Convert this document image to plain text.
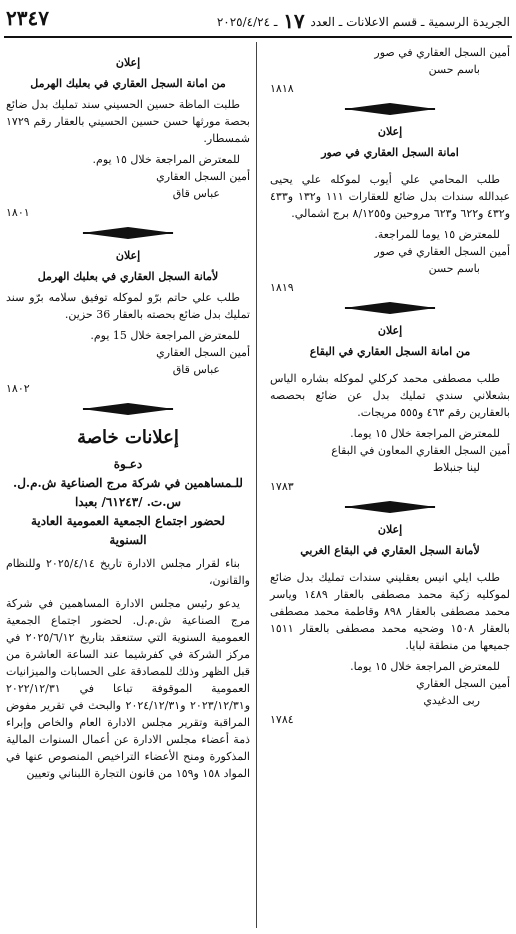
٢٣٤٧	الجريدة الرسمية ـ قسم الاعلانات ـ العدد ١٧ ـ ٢٠٢٥/٤/٢٤

أمين السجل العقاري في صور

باسم حسن

١٨١٨

إعلان
امانة السجل العقاري في صور

طلب المحامي علي أيوب لموكله علي يحيى عبدالله سندات بدل ضائع للعقارات ١١١ و١٣٢ و٤٣٣ و٤٣٢ و٦٢٢ و٦٢٣ مروحين و٨/١٢٥٥ برج اشمالي.

للمعترض ١٥ يوما للمراجعة.

أمين السجل العقاري في صور

باسم حسن

١٨١٩

إعلان
من امانة السجل العقاري في البقاع

طلب مصطفى محمد كركلي لموكله بشاره الياس بشعلاني سندي تمليك بدل عن ضائع بحصصه بالعقارين رقم ٤٦٣ و٥٥٥ مريجات.

للمعترض المراجعة خلال ١٥ يوما.

أمين السجل العقاري المعاون في البقاع

لينا جنبلاط

١٧٨٣

إعلان
لأمانة السجل العقاري في البقاع الغربي

طلب ايلي انيس بعقليني سندات تمليك بدل ضائع لموكليه زكية محمد مصطفى بالعقار ١٤٨٩ وياسر محمد مصطفى بالعقار ٨٩٨ وقاطمة محمد مصطفى بالعقار ١٥٠٨ وضحيه محمد مصطفى بالعقار ١٥١١ جميعها من منطقة لبايا.

للمعترض المراجعة خلال ١٥ يوما.

أمين السجل العقاري

ربى الدغيدي

١٧٨٤

إعلان
من امانة السجل العقاري في بعلبك الهرمل

طلبت الماظة حسين الحسيني سند تمليك بدل ضائع بحصة مورثها حسن حسين الحسيني بالعقار رقم ١٧٢٩ شمسطار.

للمعترض المراجعة خلال ١٥ يوم.

أمين السجل العقاري

عباس قاق

١٨٠١

إعلان
لأمانة السجل العقاري في بعلبك الهرمل

طلب علي حاتم برّو لموكله توفيق سلامه برّو سند تمليك بدل ضائع بحصته بالعقار 36 حزين.

للمعترض المراجعة خلال 15 يوم.

أمين السجل العقاري

عباس قاق

١٨٠٢

إعلانات خاصة
دعـوة
للـمساهمين في شركة مرج الصناعية ش.م.ل.
س.ت. /٦١٢٤٣/ بعبدا
لحضور اجتماع الجمعية العمومية العادية
السنوية

بناء لقرار مجلس الادارة تاريخ ٢٠٢٥/٤/١٤ وللنظام والقانون،

يدعو رئيس مجلس الادارة المساهمين في شركة مرج الصناعية ش.م.ل. لحضور اجتماع الجمعية العمومية السنوية التي ستنعقد بتاريخ ٢٠٢٥/٦/١٢ في مركز الشركة في كفرشيما عند الساعة العاشرة من قبل الظهر وذلك للمصادقة على الحسابات والميزانيات العمومية الموقوفة تباعا في ٢٠٢٢/١٢/٣١ و٢٠٢٣/١٢/٣١ و٢٠٢٤/١٢/٣١ والبحث في تقرير مفوض المراقبة وتقرير مجلس الادارة العام والخاص وإبراء ذمة أعضاء مجلس الادارة عن أعمال السنوات المالية المذكورة ومنح الأعضاء التراخيص المنصوص عنها في المواد ١٥٨ و١٥٩ من قانون التجارة اللبناني وتعيين
